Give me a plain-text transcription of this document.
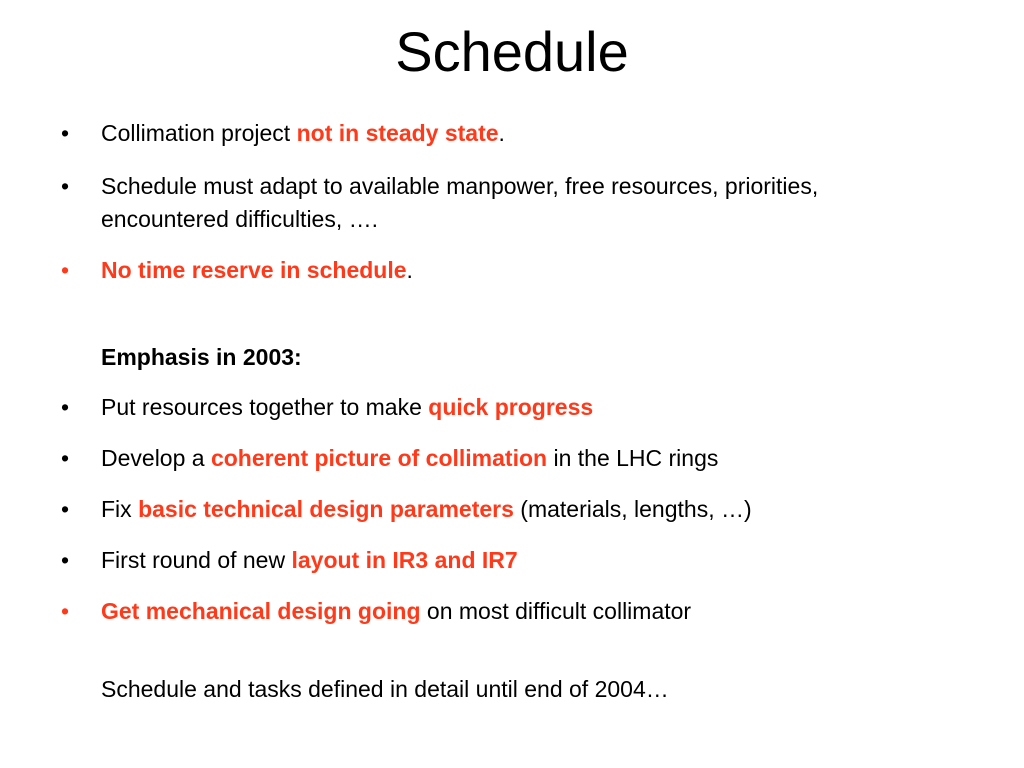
Schedule
• Collimation project not in steady state.
• Schedule must adapt to available manpower, free resources, priorities, encountered difficulties, ….
• No time reserve in schedule.
Emphasis in 2003:
• Put resources together to make quick progress
• Develop a coherent picture of collimation in the LHC rings
• Fix basic technical design parameters (materials, lengths, …)
• First round of new layout in IR3 and IR7
• Get mechanical design going on most difficult collimator
Schedule and tasks defined in detail until end of 2004…
